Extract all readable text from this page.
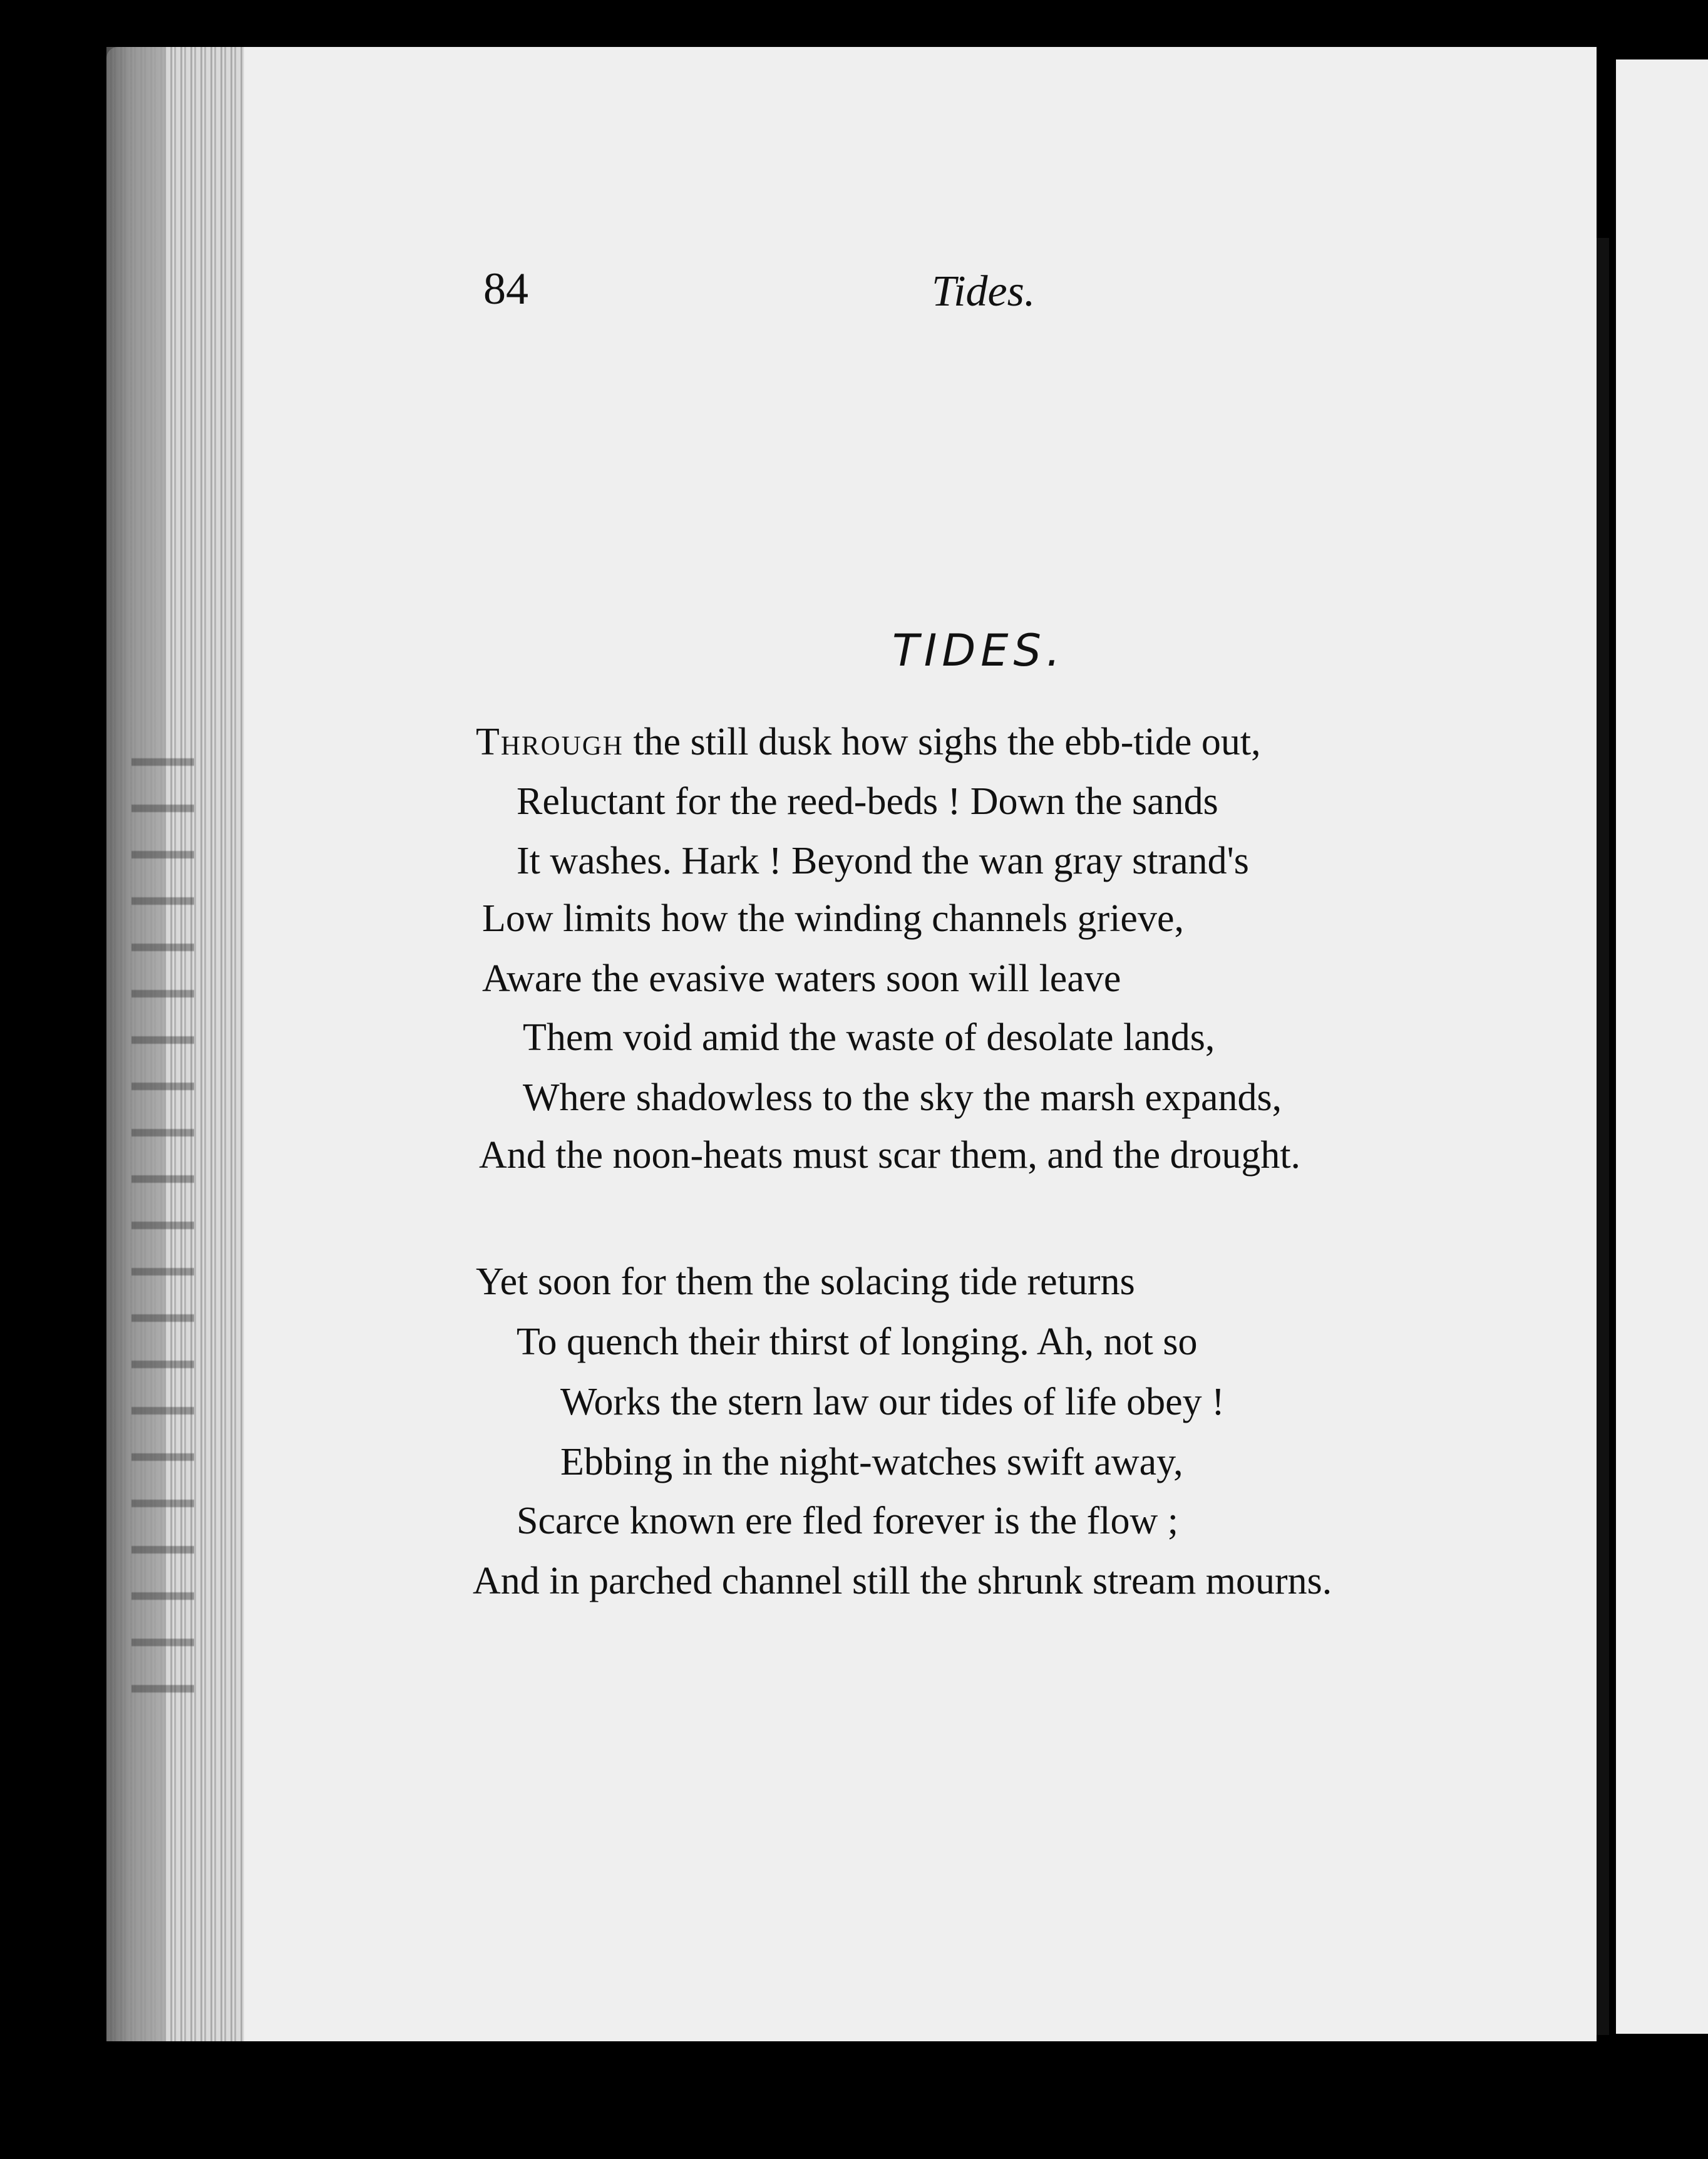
84	Tides.
TIDES.
Through the still dusk how sighs the ebb-tide out,
Reluctant for the reed-beds ! Down the sands
It washes. Hark ! Beyond the wan gray strand's
Low limits how the winding channels grieve,
Aware the evasive waters soon will leave
Them void amid the waste of desolate lands,
Where shadowless to the sky the marsh expands,
And the noon-heats must scar them, and the drought.
Yet soon for them the solacing tide returns
To quench their thirst of longing. Ah, not so
Works the stern law our tides of life obey !
Ebbing in the night-watches swift away,
Scarce known ere fled forever is the flow ;
And in parched channel still the shrunk stream mourns.
